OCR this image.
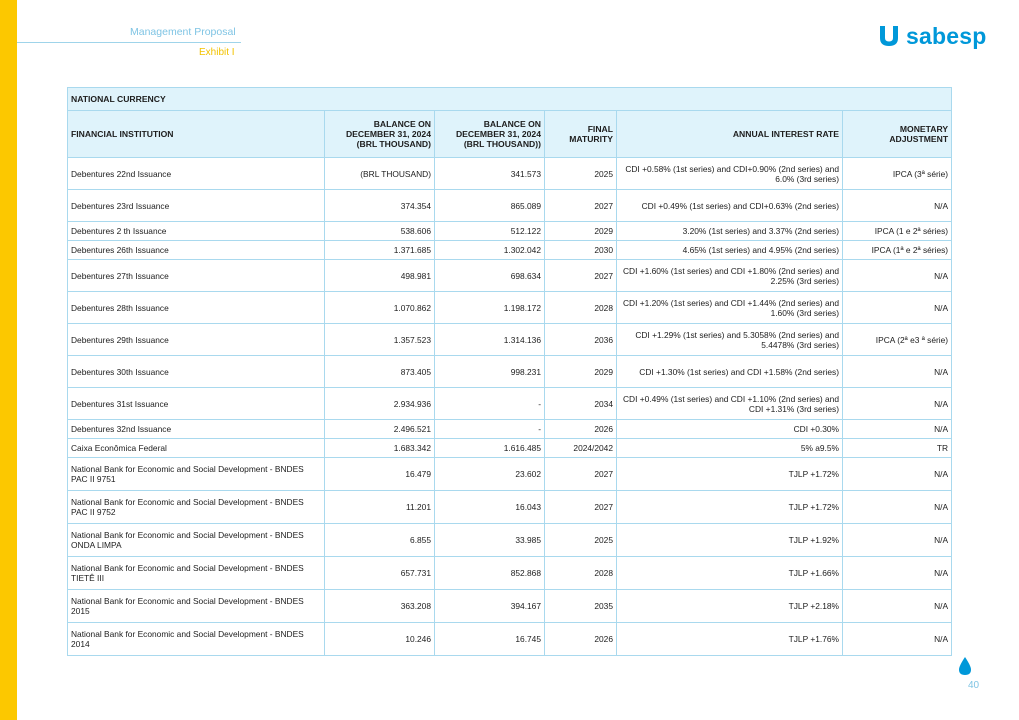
Management Proposal
Exhibit I
sabesp
NATIONAL CURRENCY					
FINANCIAL INSTITUTION	BALANCE ON DECEMBER 31, 2024 (BRL THOUSAND)	BALANCE ON DECEMBER 31, 2024 (BRL THOUSAND))	FINAL MATURITY	ANNUAL INTEREST RATE	MONETARY ADJUSTMENT
Debentures 22nd Issuance	(BRL THOUSAND)	341.573	2025	CDI +0.58% (1st series) and CDI+0.90% (2nd series) and 6.0% (3rd series)	IPCA (3ª série)
Debentures 23rd Issuance	374.354	865.089	2027	CDI +0.49% (1st series) and CDI+0.63% (2nd series)	N/A
Debentures 2 th Issuance	538.606	512.122	2029	3.20% (1st series) and 3.37% (2nd series)	IPCA (1 e 2ª séries)
Debentures 26th Issuance	1.371.685	1.302.042	2030	4.65% (1st series) and 4.95% (2nd series)	IPCA (1ª e 2ª séries)
Debentures 27th Issuance	498.981	698.634	2027	CDI +1.60% (1st series) and CDI +1.80% (2nd series) and 2.25% (3rd series)	N/A
Debentures 28th Issuance	1.070.862	1.198.172	2028	CDI +1.20% (1st series) and CDI +1.44% (2nd series) and 1.60% (3rd series)	N/A
Debentures 29th Issuance	1.357.523	1.314.136	2036	CDI +1.29% (1st series) and 5.3058% (2nd series) and 5.4478% (3rd series)	IPCA (2ª e3 ª série)
Debentures 30th Issuance	873.405	998.231	2029	CDI +1.30% (1st series) and CDI +1.58% (2nd series)	N/A
Debentures 31st Issuance	2.934.936	-	2034	CDI +0.49% (1st series) and CDI +1.10% (2nd series) and CDI +1.31% (3rd series)	N/A
Debentures 32nd Issuance	2.496.521	-	2026	CDI +0.30%	N/A
Caixa Econômica Federal	1.683.342	1.616.485	2024/2042	5% a9.5%	TR
National Bank for Economic and Social Development - BNDES PAC II 9751	16.479	23.602	2027	TJLP +1.72%	N/A
National Bank for Economic and Social Development - BNDES PAC II 9752	11.201	16.043	2027	TJLP +1.72%	N/A
National Bank for Economic and Social Development - BNDES ONDA LIMPA	6.855	33.985	2025	TJLP +1.92%	N/A
National Bank for Economic and Social Development - BNDES TIETÊ III	657.731	852.868	2028	TJLP +1.66%	N/A
National Bank for Economic and Social Development - BNDES 2015	363.208	394.167	2035	TJLP +2.18%	N/A
National Bank for Economic and Social Development - BNDES 2014	10.246	16.745	2026	TJLP +1.76%	N/A
40
